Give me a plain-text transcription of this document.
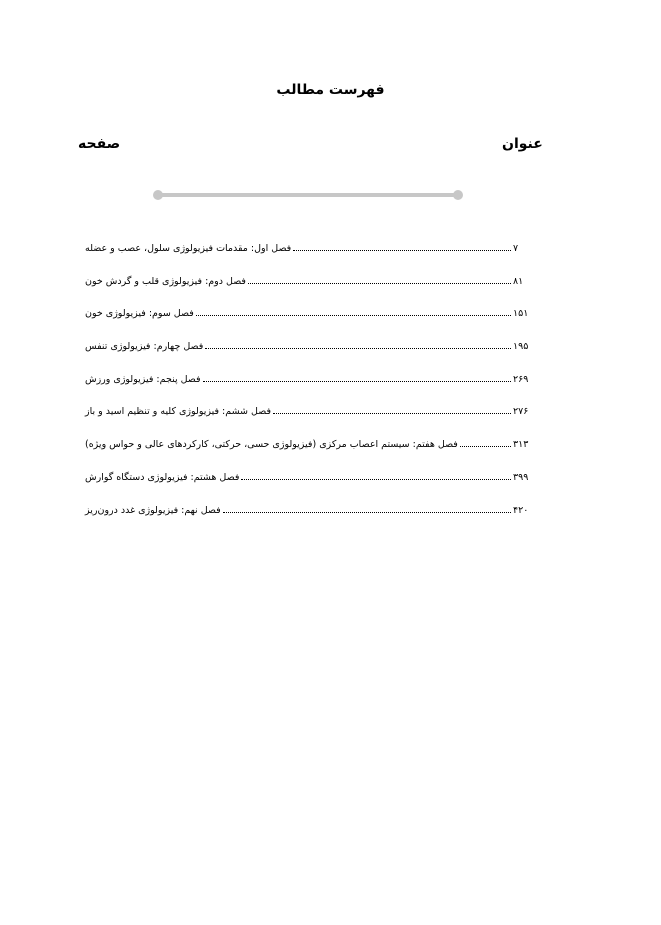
فهرست مطالب
عنوان
صفحه
فصل اول: مقدمات فیزیولوژی سلول، عصب و عضله	۷
فصل دوم: فیزیولوژی قلب و گردش خون	۸۱
فصل سوم: فیزیولوژی خون	۱۵۱
فصل چهارم: فیزیولوژی تنفس	۱۹۵
فصل پنجم: فیزیولوژی ورزش	۲۶۹
فصل ششم: فیزیولوژی کلیه و تنظیم اسید و باز	۲۷۶
فصل هفتم: سیستم اعصاب مرکزی (فیزیولوژی حسی، حرکتی، کارکردهای عالی و حواس ویژه)	۳۱۳
فصل هشتم: فیزیولوژی دستگاه گوارش	۳۹۹
فصل نهم: فیزیولوژی غدد درون‌ریز	۴۲۰
